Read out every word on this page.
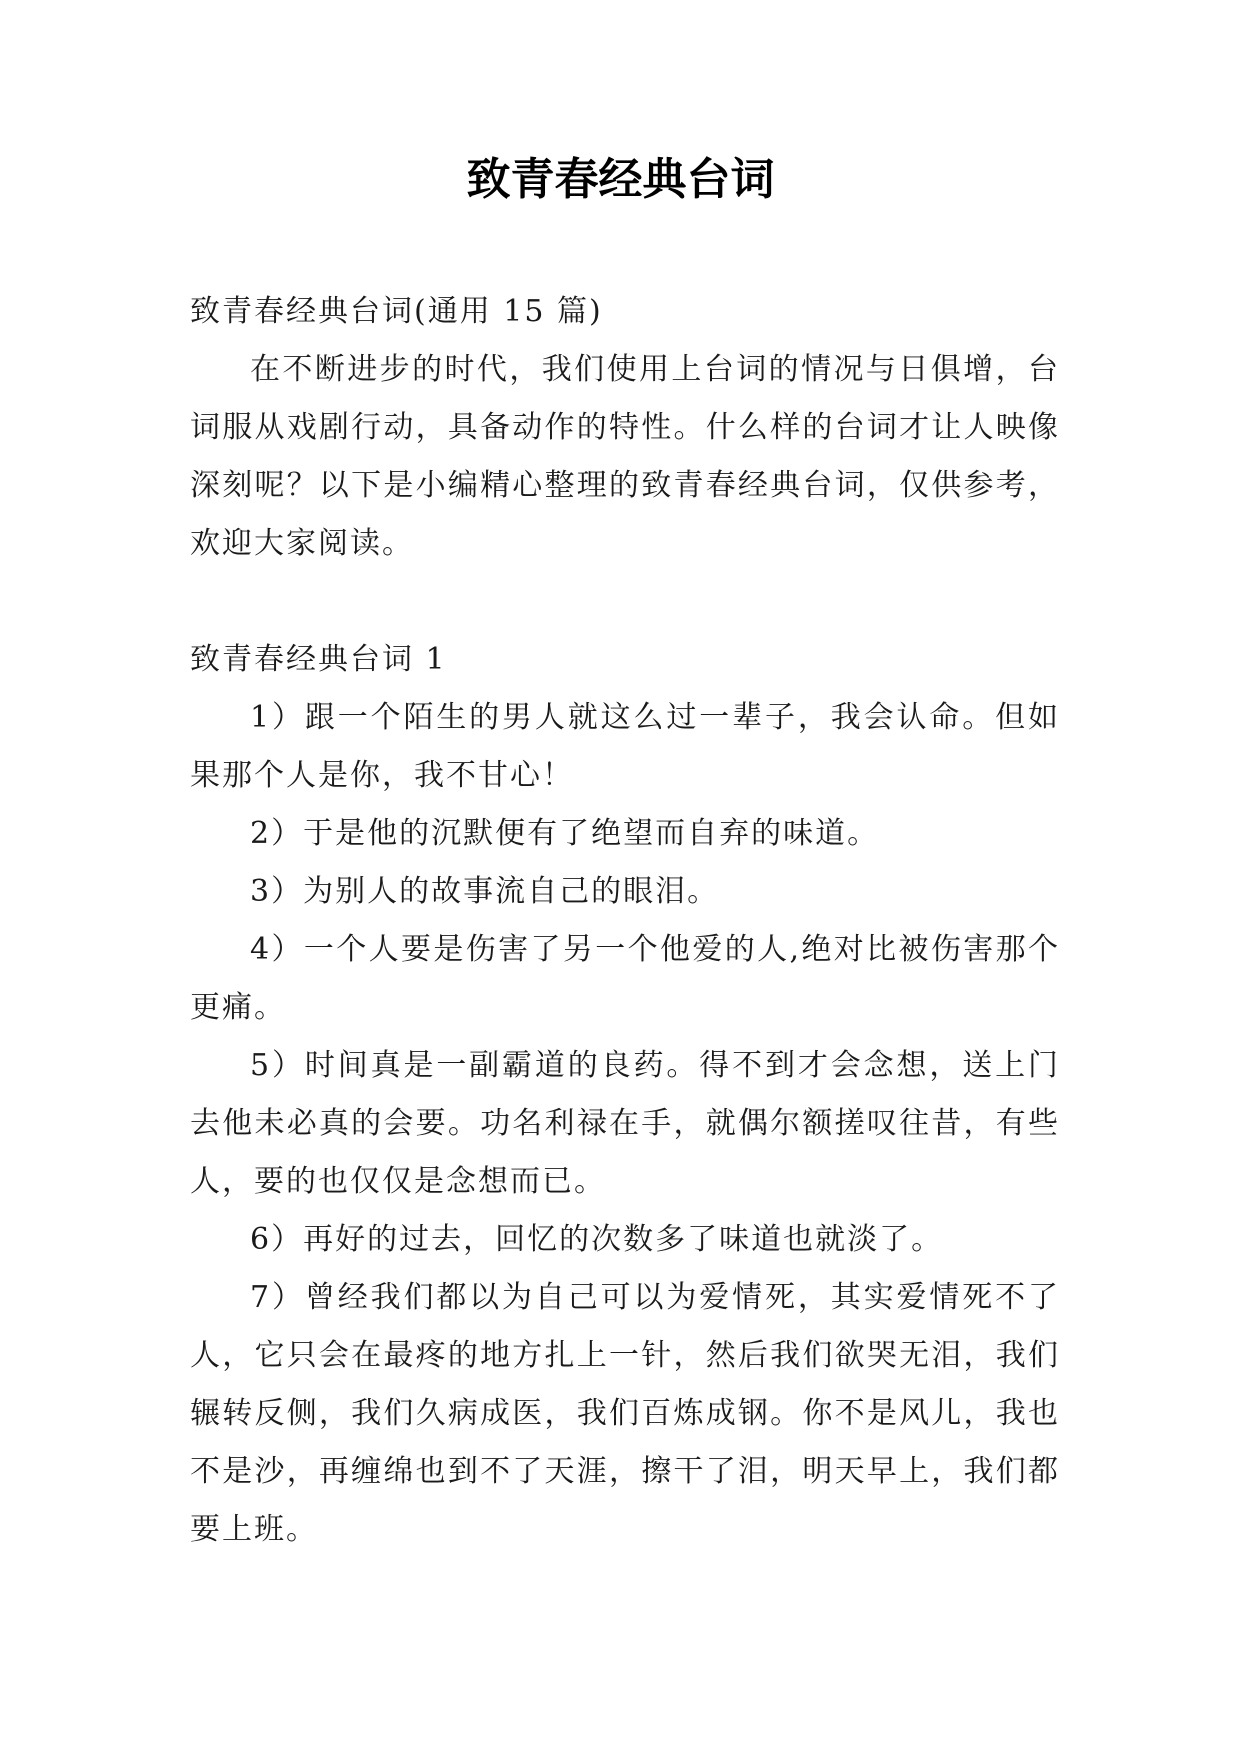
致青春经典台词

致青春经典台词(通用 15 篇)

在不断进步的时代，我们使用上台词的情况与日俱增，台词服从戏剧行动，具备动作的特性。什么样的台词才让人映像深刻呢？以下是小编精心整理的致青春经典台词，仅供参考，欢迎大家阅读。

致青春经典台词 1

1）跟一个陌生的男人就这么过一辈子，我会认命。但如果那个人是你，我不甘心！

2）于是他的沉默便有了绝望而自弃的味道。

3）为别人的故事流自己的眼泪。

4）一个人要是伤害了另一个他爱的人,绝对比被伤害那个更痛。

5）时间真是一副霸道的良药。得不到才会念想，送上门去他未必真的会要。功名利禄在手，就偶尔额搓叹往昔，有些人，要的也仅仅是念想而已。

6）再好的过去，回忆的次数多了味道也就淡了。

7）曾经我们都以为自己可以为爱情死，其实爱情死不了人，它只会在最疼的地方扎上一针，然后我们欲哭无泪，我们辗转反侧，我们久病成医，我们百炼成钢。你不是风儿，我也不是沙，再缠绵也到不了天涯，擦干了泪，明天早上，我们都要上班。
